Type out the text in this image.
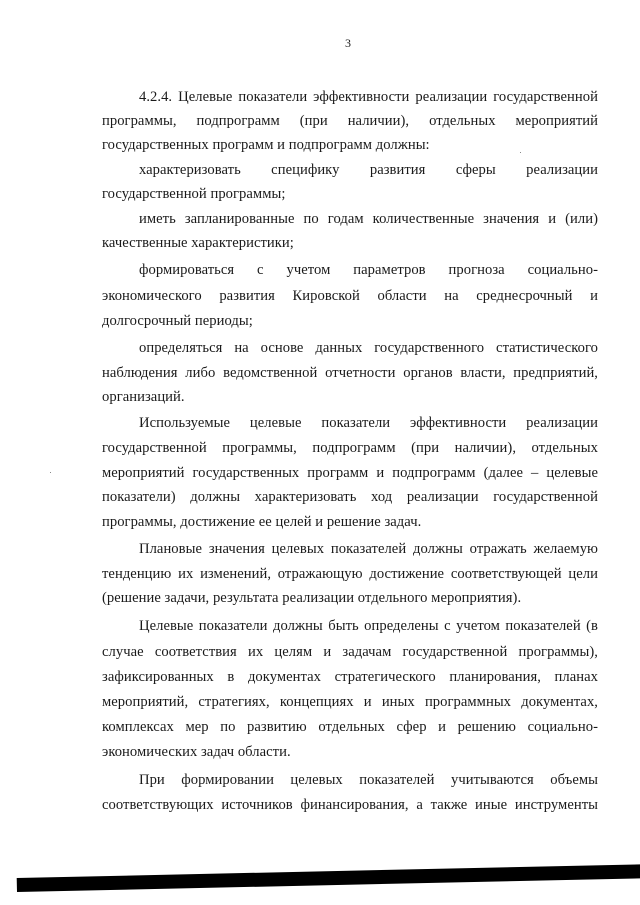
3
4.2.4. Целевые показатели эффективности реализации государственной
программы, подпрограмм (при наличии), отдельных мероприятий
государственных программ и подпрограмм должны:
характеризовать специфику развития сферы реализации
государственной программы;
иметь запланированные по годам количественные значения и (или)
качественные характеристики;
формироваться с учетом параметров прогноза социально-
экономического развития Кировской области на среднесрочный и
долгосрочный периоды;
определяться на основе данных государственного статистического
наблюдения либо ведомственной отчетности органов власти, предприятий,
организаций.
Используемые целевые показатели эффективности реализации
государственной программы, подпрограмм (при наличии), отдельных
мероприятий государственных программ и подпрограмм (далее – целевые
показатели) должны характеризовать ход реализации государственной
программы, достижение ее целей и решение задач.
Плановые значения целевых показателей должны отражать желаемую
тенденцию их изменений, отражающую достижение соответствующей цели
(решение задачи, результата реализации отдельного мероприятия).
Целевые показатели должны быть определены с учетом показателей (в
случае соответствия их целям и задачам государственной программы),
зафиксированных в документах стратегического планирования, планах
мероприятий, стратегиях, концепциях и иных программных документах,
комплексах мер по развитию отдельных сфер и решению социально-
экономических задач области.
При формировании целевых показателей учитываются объемы
соответствующих источников финансирования, а также иные инструменты
